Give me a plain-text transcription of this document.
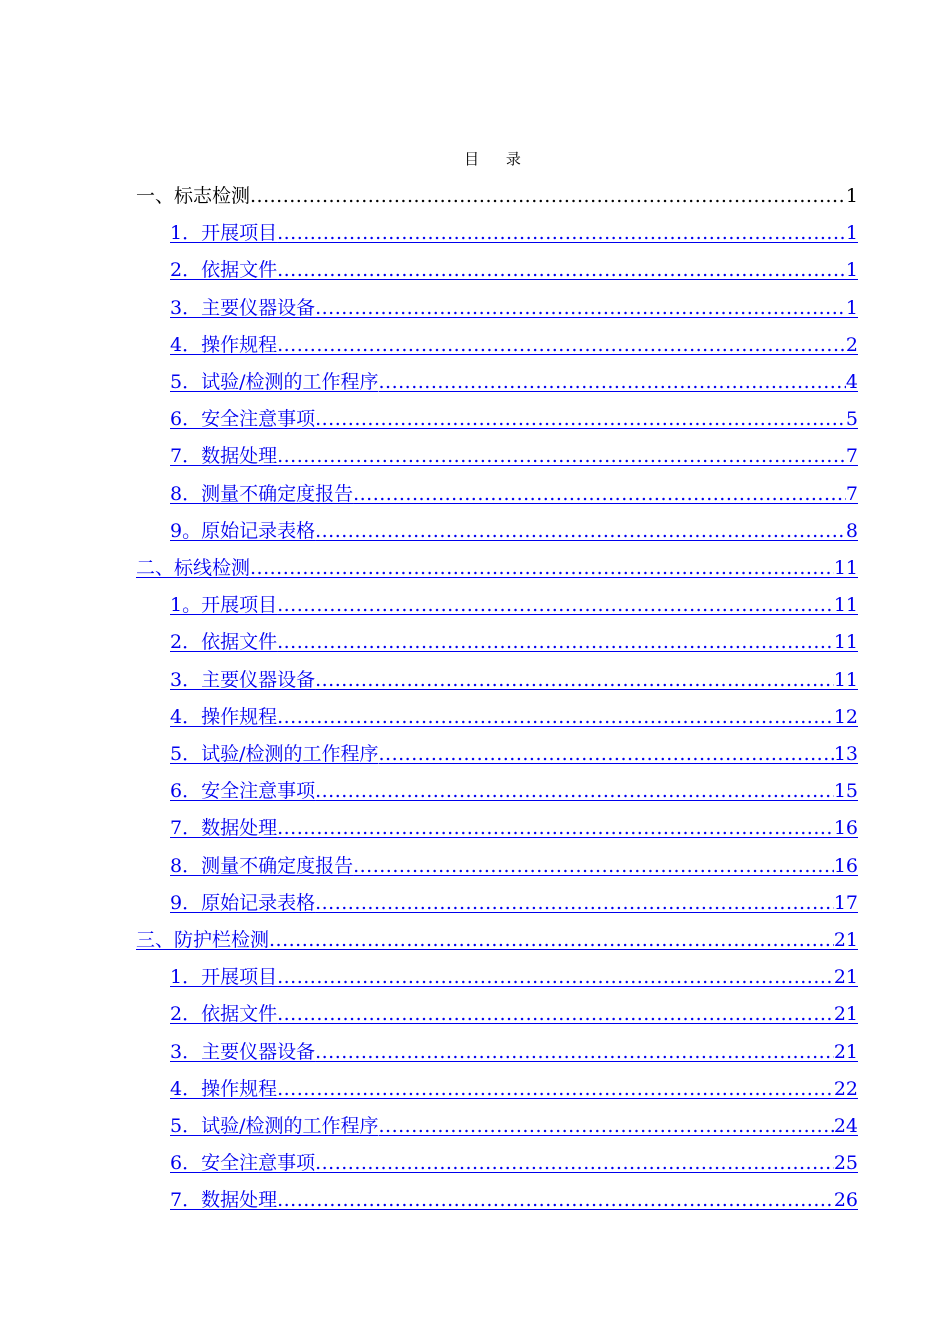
目 录
一、标志检测 .....	1
1．开展项目 .....	1
2．依据文件 .....	1
3．主要仪器设备 .....	1
4．操作规程 .....	2
5．试验/检测的工作程序 .....	4
6．安全注意事项 .....	5
7．数据处理 .....	7
8．测量不确定度报告 .....	7
9。原始记录表格 .....	8
二、标线检测 .....	11
1。开展项目 .....	11
2．依据文件 .....	11
3．主要仪器设备 .....	11
4．操作规程 .....	12
5．试验/检测的工作程序 .....	13
6．安全注意事项 .....	15
7．数据处理 .....	16
8．测量不确定度报告 .....	16
9．原始记录表格 .....	17
三、防护栏检测 .....	21
1．开展项目 .....	21
2．依据文件 .....	21
3．主要仪器设备 .....	21
4．操作规程 .....	22
5．试验/检测的工作程序 .....	24
6．安全注意事项 .....	25
7．数据处理 .....	26
